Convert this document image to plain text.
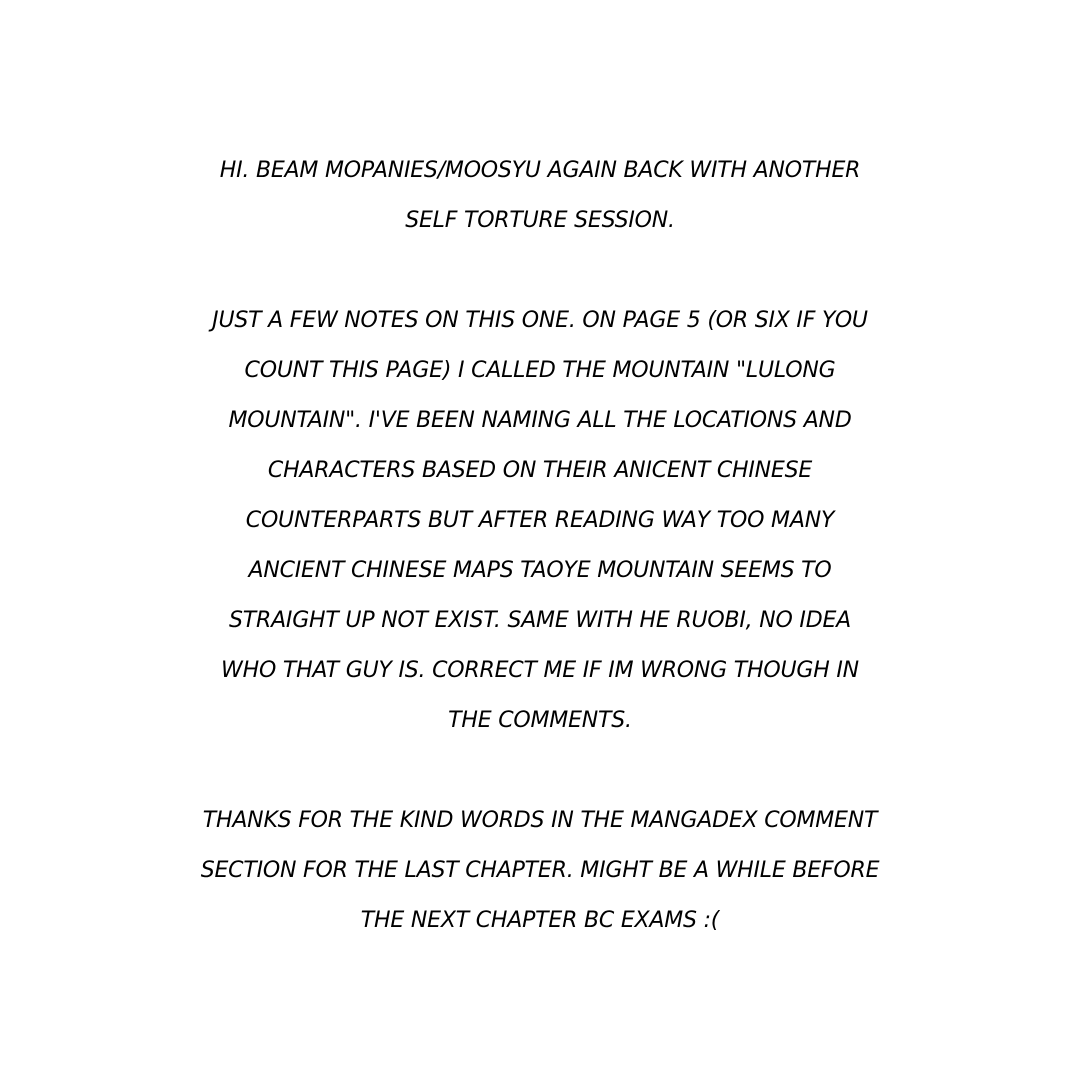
HI. BEAM MOPANIES/MOOSYU AGAIN BACK WITH ANOTHER
SELF TORTURE SESSION.

JUST A FEW NOTES ON THIS ONE. ON PAGE 5 (OR SIX IF YOU
COUNT THIS PAGE) I CALLED THE MOUNTAIN "LULONG
MOUNTAIN". I'VE BEEN NAMING ALL THE LOCATIONS AND
CHARACTERS BASED ON THEIR ANICENT CHINESE
COUNTERPARTS BUT AFTER READING WAY TOO MANY
ANCIENT CHINESE MAPS TAOYE MOUNTAIN SEEMS TO
STRAIGHT UP NOT EXIST. SAME WITH HE RUOBI, NO IDEA
WHO THAT GUY IS. CORRECT ME IF IM WRONG THOUGH IN
THE COMMENTS.

THANKS FOR THE KIND WORDS IN THE MANGADEX COMMENT
SECTION FOR THE LAST CHAPTER. MIGHT BE A WHILE BEFORE
THE NEXT CHAPTER BC EXAMS :(
